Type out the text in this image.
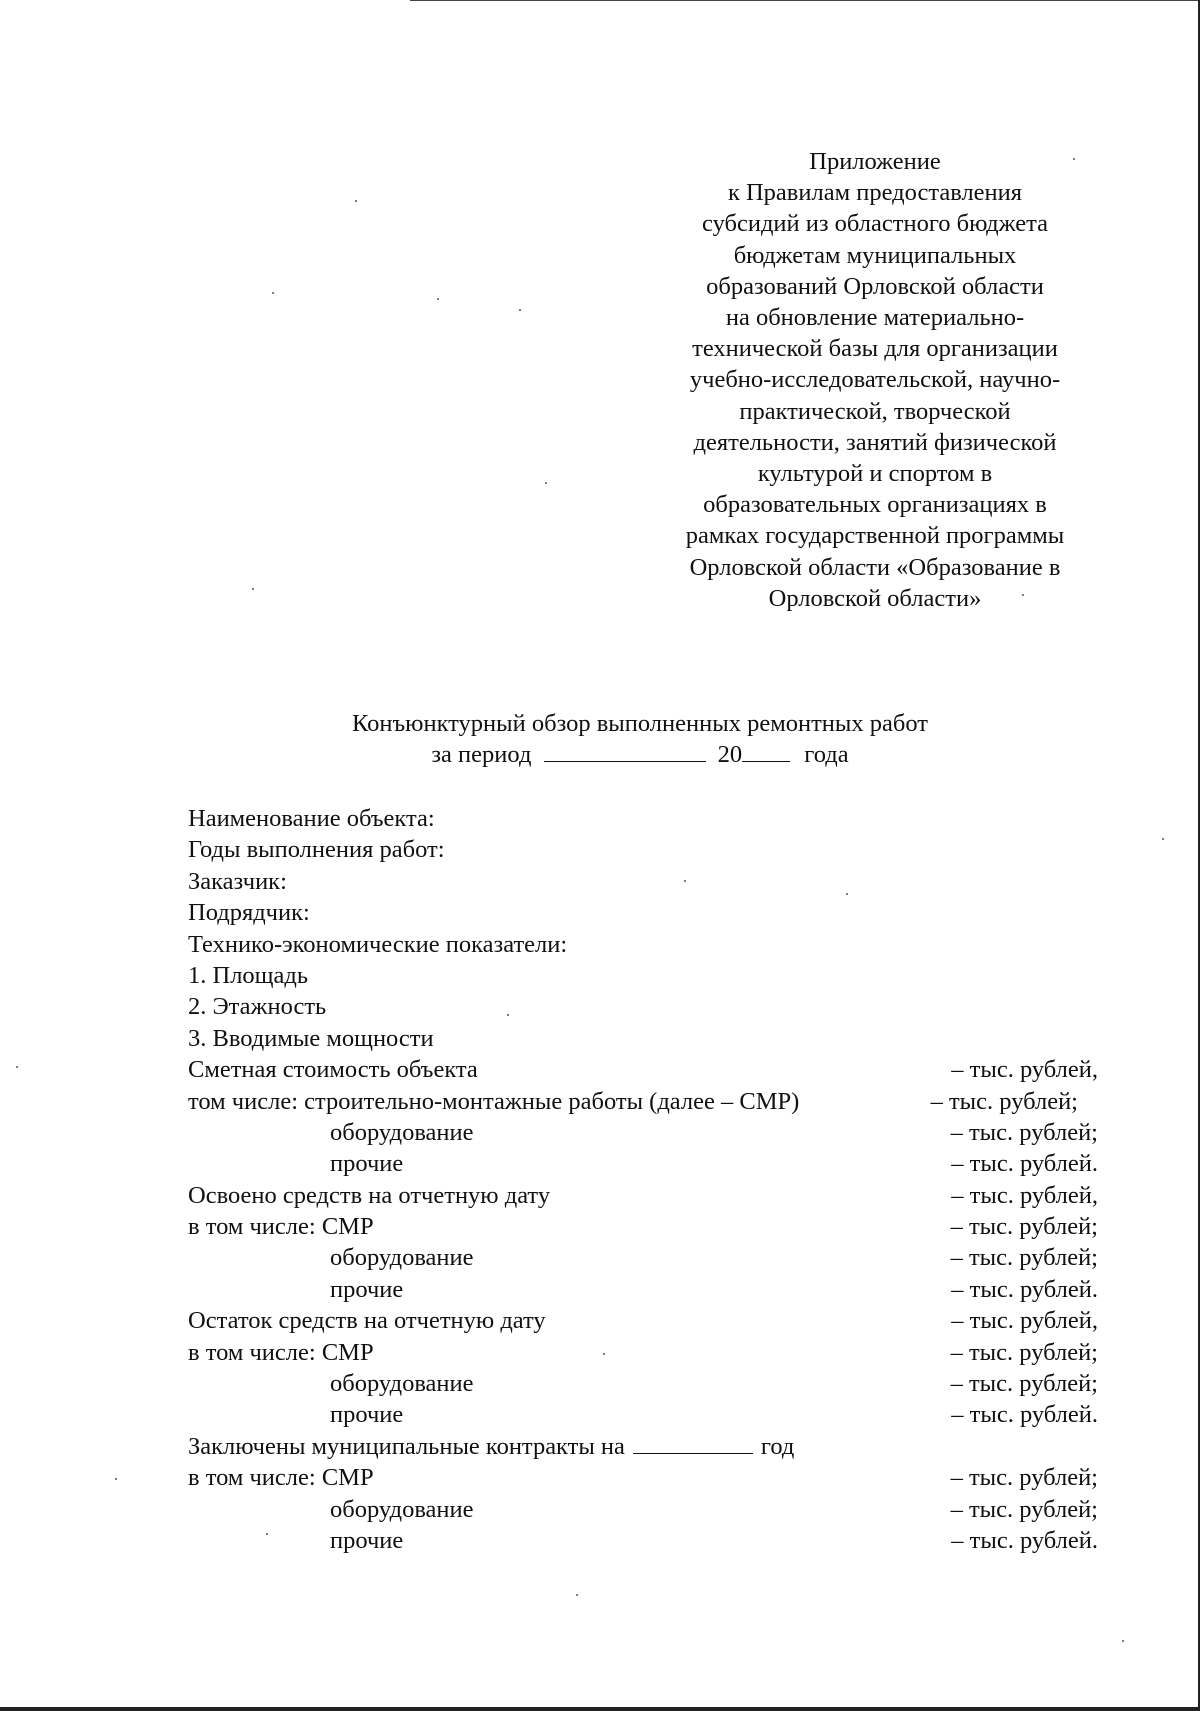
Приложение
к Правилам предоставления
субсидий из областного бюджета
бюджетам муниципальных
образований Орловской области
на обновление материально-
технической базы для организации
учебно-исследовательской, научно-
практической, творческой
деятельности, занятий физической
культурой и спортом в
образовательных организациях в
рамках государственной программы
Орловской области «Образование в
Орловской области»
Конъюнктурный обзор выполненных ремонтных работ
за период	20	года
Наименование объекта:
Годы выполнения работ:
Заказчик:
Подрядчик:
Технико-экономические показатели:
1. Площадь
2. Этажность
3. Вводимые мощности
Сметная стоимость объекта	– тыс. рублей,
том числе: строительно-монтажные работы (далее – СМР)	– тыс. рублей;
оборудование	– тыс. рублей;
прочие	– тыс. рублей.
Освоено средств на отчетную дату	– тыс. рублей,
в том числе: СМР	– тыс. рублей;
оборудование	– тыс. рублей;
прочие	– тыс. рублей.
Остаток средств на отчетную дату	– тыс. рублей,
в том числе: СМР	– тыс. рублей;
оборудование	– тыс. рублей;
прочие	– тыс. рублей.
Заключены муниципальные контракты на	год
в том числе: СМР	– тыс. рублей;
оборудование	– тыс. рублей;
прочие	– тыс. рублей.
